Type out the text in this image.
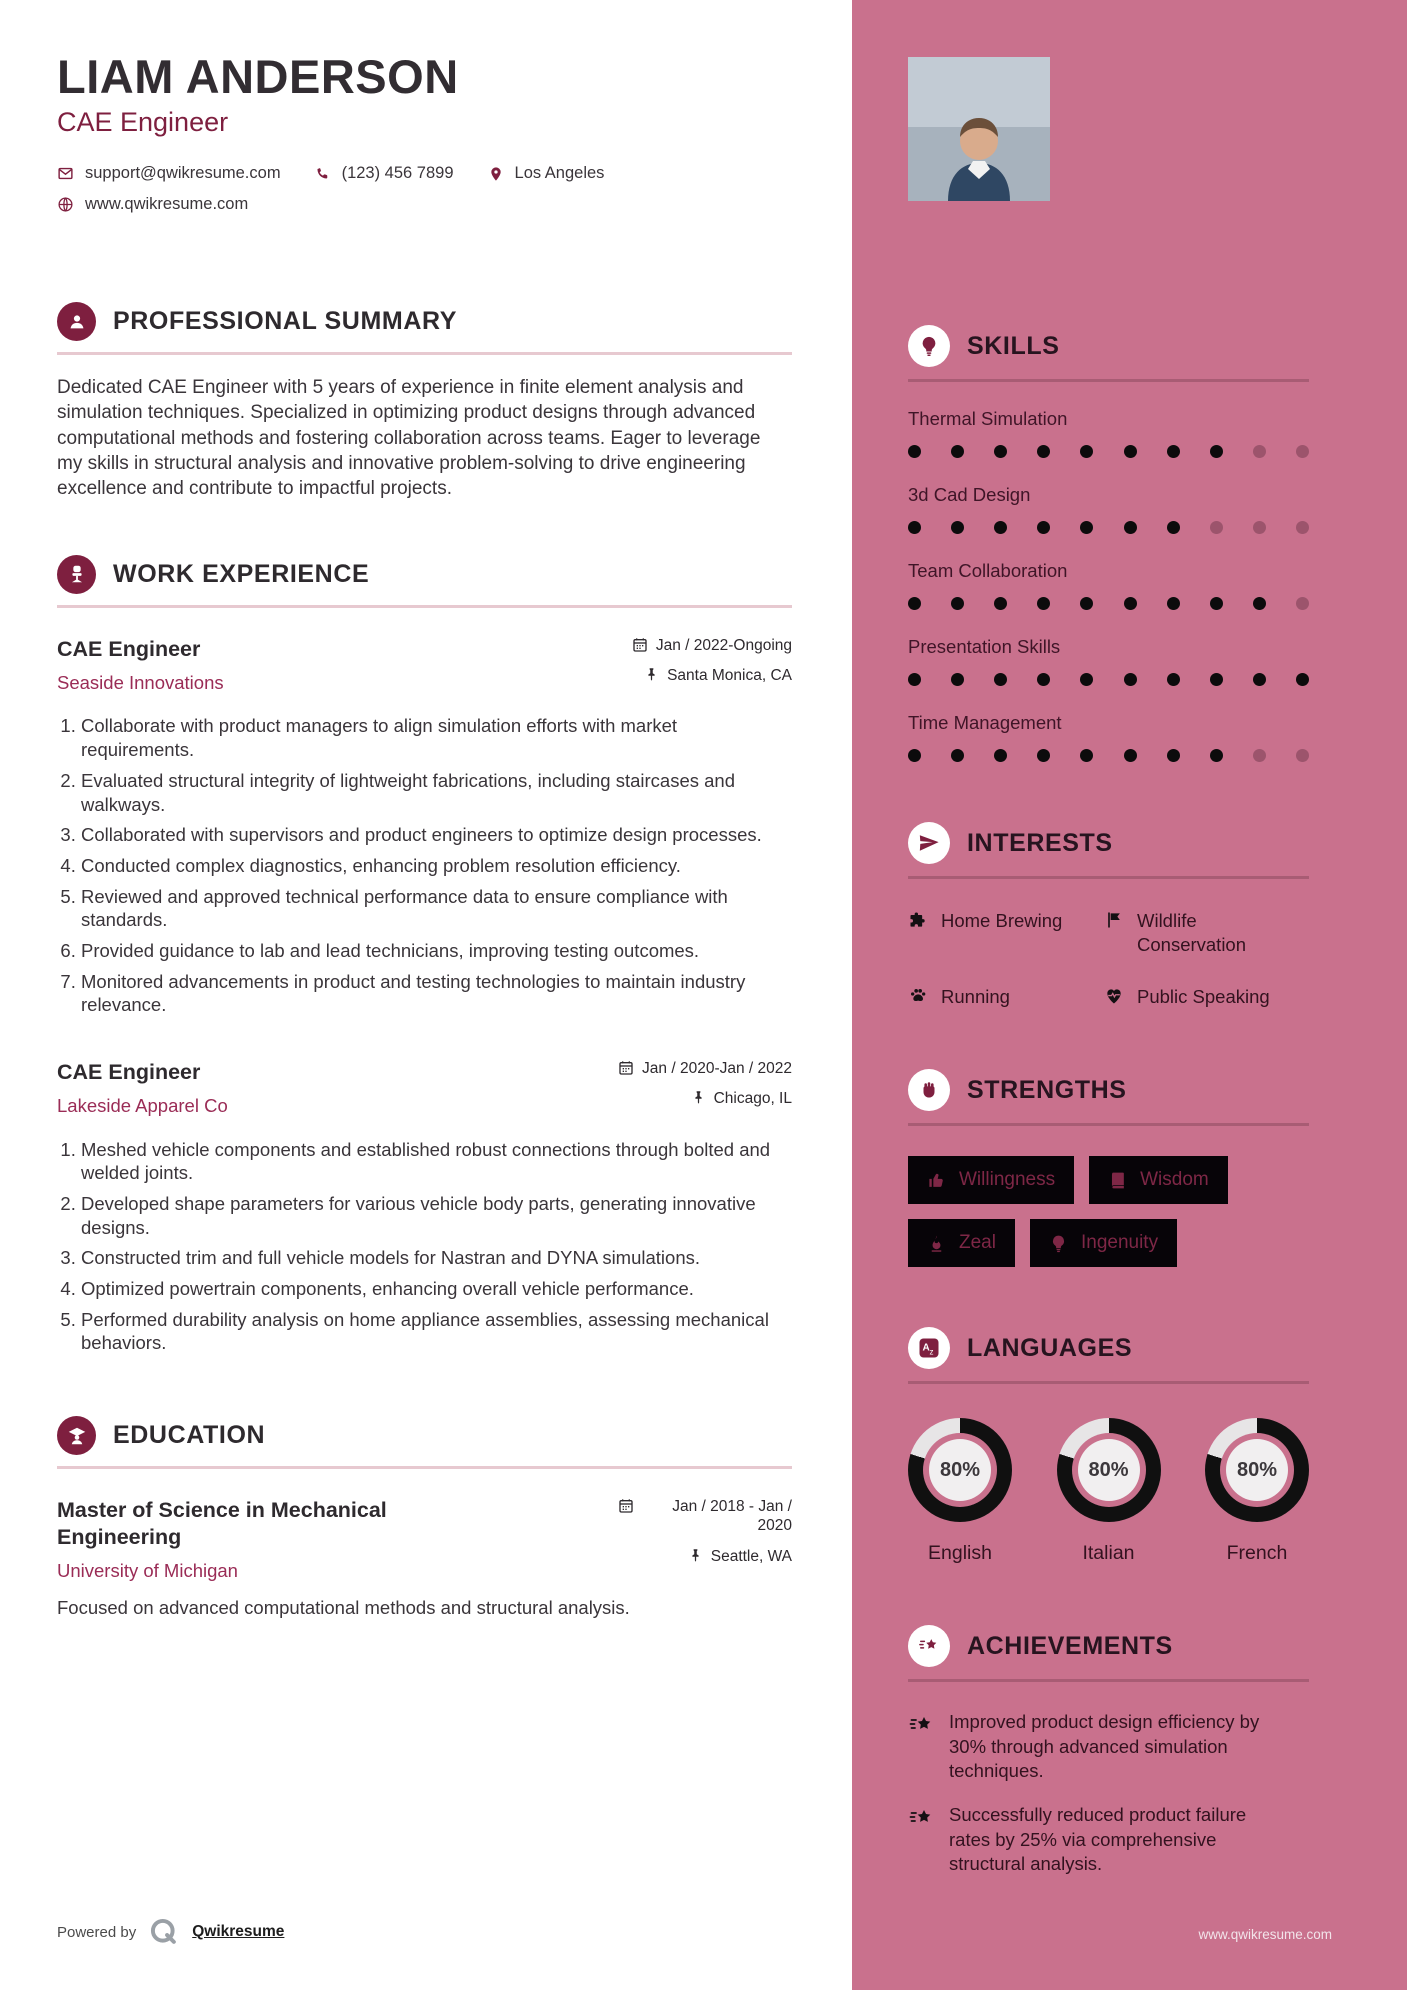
LIAM ANDERSON
CAE Engineer
support@qwikresume.com	(123) 456 7899	Los Angeles
www.qwikresume.com
PROFESSIONAL SUMMARY
Dedicated CAE Engineer with 5 years of experience in finite element analysis and simulation techniques. Specialized in optimizing product designs through advanced computational methods and fostering collaboration across teams. Eager to leverage my skills in structural analysis and innovative problem-solving to drive engineering excellence and contribute to impactful projects.
WORK EXPERIENCE
CAE Engineer
Seaside Innovations
Jan / 2022-Ongoing
Santa Monica, CA
1. Collaborate with product managers to align simulation efforts with market requirements.
2. Evaluated structural integrity of lightweight fabrications, including staircases and walkways.
3. Collaborated with supervisors and product engineers to optimize design processes.
4. Conducted complex diagnostics, enhancing problem resolution efficiency.
5. Reviewed and approved technical performance data to ensure compliance with standards.
6. Provided guidance to lab and lead technicians, improving testing outcomes.
7. Monitored advancements in product and testing technologies to maintain industry relevance.
CAE Engineer
Lakeside Apparel Co
Jan / 2020-Jan / 2022
Chicago, IL
1. Meshed vehicle components and established robust connections through bolted and welded joints.
2. Developed shape parameters for various vehicle body parts, generating innovative designs.
3. Constructed trim and full vehicle models for Nastran and DYNA simulations.
4. Optimized powertrain components, enhancing overall vehicle performance.
5. Performed durability analysis on home appliance assemblies, assessing mechanical behaviors.
EDUCATION
Master of Science in Mechanical Engineering
University of Michigan
Jan / 2018 - Jan / 2020
Seattle, WA
Focused on advanced computational methods and structural analysis.
Powered by	Qwikresume
SKILLS
Thermal Simulation
3d Cad Design
Team Collaboration
Presentation Skills
Time Management
INTERESTS
Home Brewing	Wildlife Conservation
Running	Public Speaking
STRENGTHS
Willingness	Wisdom
Zeal	Ingenuity
A z LANGUAGES
80%
English
80%
Italian
80%
French
ACHIEVEMENTS
Improved product design efficiency by 30% through advanced simulation techniques.
Successfully reduced product failure rates by 25% via comprehensive structural analysis.
www.qwikresume.com
